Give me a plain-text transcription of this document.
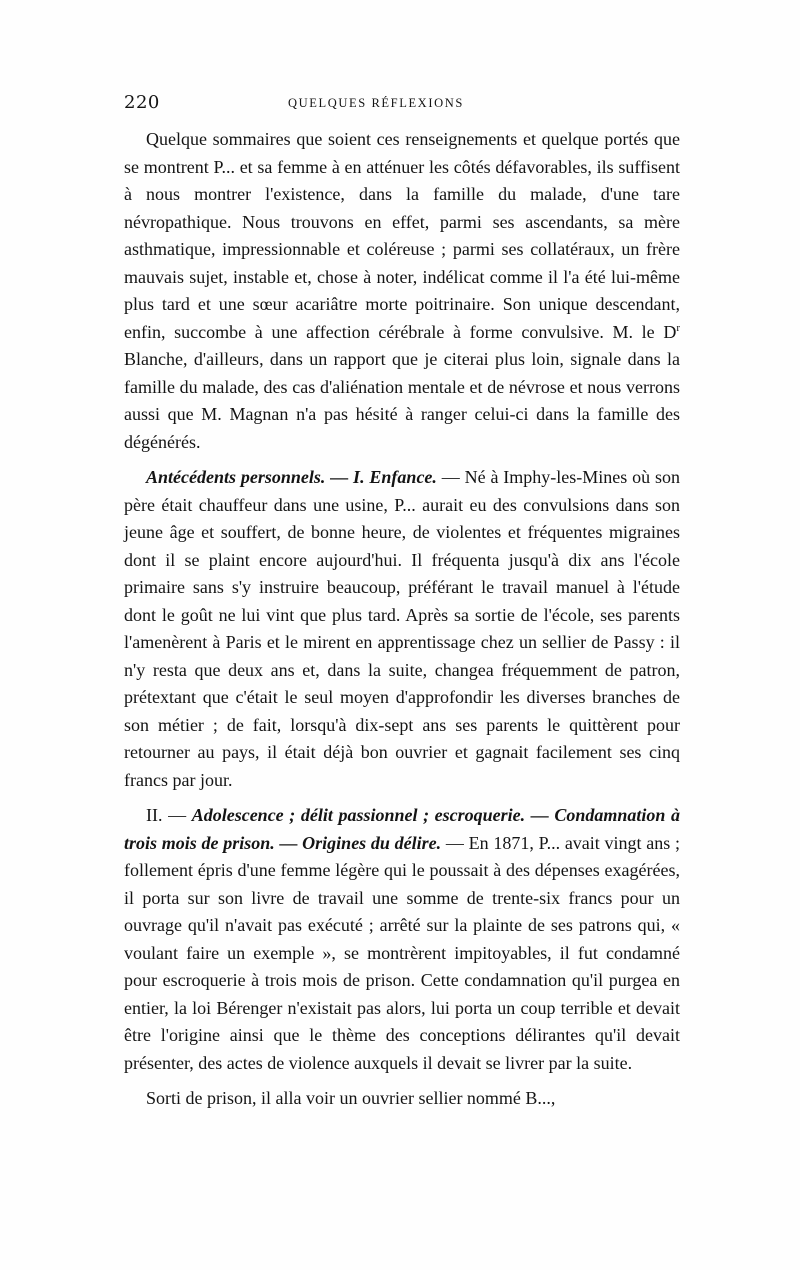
220	QUELQUES RÉFLEXIONS

Quelque sommaires que soient ces renseignements et quelque portés que se montrent P... et sa femme à en atténuer les côtés défavorables, ils suffisent à nous montrer l'existence, dans la famille du malade, d'une tare névropathique. Nous trouvons en effet, parmi ses ascendants, sa mère asthmatique, impressionnable et coléreuse ; parmi ses collatéraux, un frère mauvais sujet, instable et, chose à noter, indélicat comme il l'a été lui-même plus tard et une sœur acariâtre morte poitrinaire. Son unique descendant, enfin, succombe à une affection cérébrale à forme convulsive. M. le $D^r$ Blanche, d'ailleurs, dans un rapport que je citerai plus loin, signale dans la famille du malade, des cas d'aliénation mentale et de névrose et nous verrons aussi que M. Magnan n'a pas hésité à ranger celui-ci dans la famille des dégénérés.

Antécédents personnels. — I. Enfance. — Né à Imphy-les-Mines où son père était chauffeur dans une usine, P... aurait eu des convulsions dans son jeune âge et souffert, de bonne heure, de violentes et fréquentes migraines dont il se plaint encore aujourd'hui. Il fréquenta jusqu'à dix ans l'école primaire sans s'y instruire beaucoup, préférant le travail manuel à l'étude dont le goût ne lui vint que plus tard. Après sa sortie de l'école, ses parents l'amenèrent à Paris et le mirent en apprentissage chez un sellier de Passy : il n'y resta que deux ans et, dans la suite, changea fréquemment de patron, prétextant que c'était le seul moyen d'approfondir les diverses branches de son métier ; de fait, lorsqu'à dix-sept ans ses parents le quittèrent pour retourner au pays, il était déjà bon ouvrier et gagnait facilement ses cinq francs par jour.

II. — Adolescence ; délit passionnel ; escroquerie. — Condamnation à trois mois de prison. — Origines du délire. — En 1871, P... avait vingt ans ; follement épris d'une femme légère qui le poussait à des dépenses exagérées, il porta sur son livre de travail une somme de trente-six francs pour un ouvrage qu'il n'avait pas exécuté ; arrêté sur la plainte de ses patrons qui, « voulant faire un exemple », se montrèrent impitoyables, il fut condamné pour escroquerie à trois mois de prison. Cette condamnation qu'il purgea en entier, la loi Bérenger n'existait pas alors, lui porta un coup terrible et devait être l'origine ainsi que le thème des conceptions délirantes qu'il devait présenter, des actes de violence auxquels il devait se livrer par la suite.

Sorti de prison, il alla voir un ouvrier sellier nommé B...,
